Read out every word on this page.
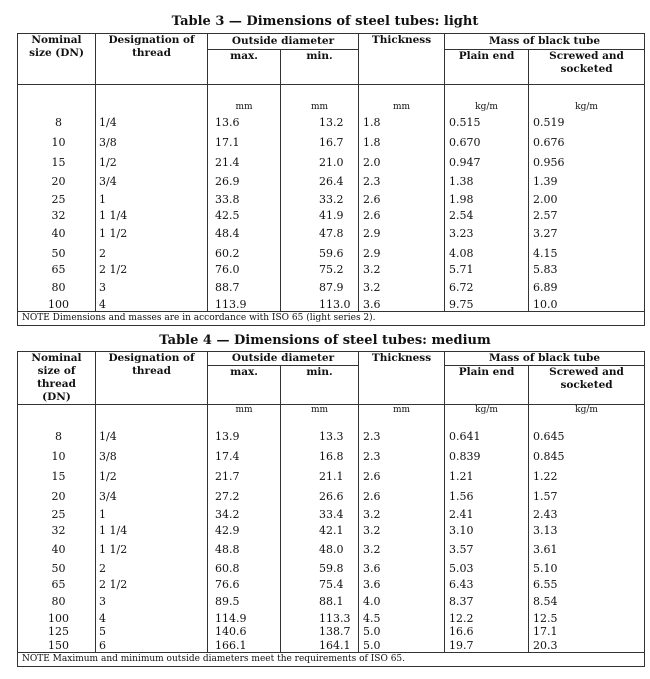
Table 3 — Dimensions of steel tubes: light
Nominal size (DN)	Designation of thread	Outside diameter		Thickness	Mass of black tube	
		max.	min.		Plain end	Screwed and socketed
		mm	mm	mm	kg/m	kg/m
8	1/4	13.6	13.2	1.8	0.515	0.519
10	3/8	17.1	16.7	1.8	0.670	0.676
15	1/2	21.4	21.0	2.0	0.947	0.956
20	3/4	26.9	26.4	2.3	1.38	1.39
25	1	33.8	33.2	2.6	1.98	2.00
32	1 1/4	42.5	41.9	2.6	2.54	2.57
40	1 1/2	48.4	47.8	2.9	3.23	3.27
50	2	60.2	59.6	2.9	4.08	4.15
65	2 1/2	76.0	75.2	3.2	5.71	5.83
80	3	88.7	87.9	3.2	6.72	6.89
100	4	113.9	113.0	3.6	9.75	10.0
NOTE Dimensions and masses are in accordance with ISO 65 (light series 2).						
Table 4 — Dimensions of steel tubes: medium
Nominal size of thread (DN)	Designation of thread	Outside diameter		Thickness	Mass of black tube	
		max.	min.		Plain end	Screwed and socketed
		mm	mm	mm	kg/m	kg/m
8	1/4	13.9	13.3	2.3	0.641	0.645
10	3/8	17.4	16.8	2.3	0.839	0.845
15	1/2	21.7	21.1	2.6	1.21	1.22
20	3/4	27.2	26.6	2.6	1.56	1.57
25	1	34.2	33.4	3.2	2.41	2.43
32	1 1/4	42.9	42.1	3.2	3.10	3.13
40	1 1/2	48.8	48.0	3.2	3.57	3.61
50	2	60.8	59.8	3.6	5.03	5.10
65	2 1/2	76.6	75.4	3.6	6.43	6.55
80	3	89.5	88.1	4.0	8.37	8.54
100	4	114.9	113.3	4.5	12.2	12.5
125	5	140.6	138.7	5.0	16.6	17.1
150	6	166.1	164.1	5.0	19.7	20.3
NOTE Maximum and minimum outside diameters meet the requirements of ISO 65.						
